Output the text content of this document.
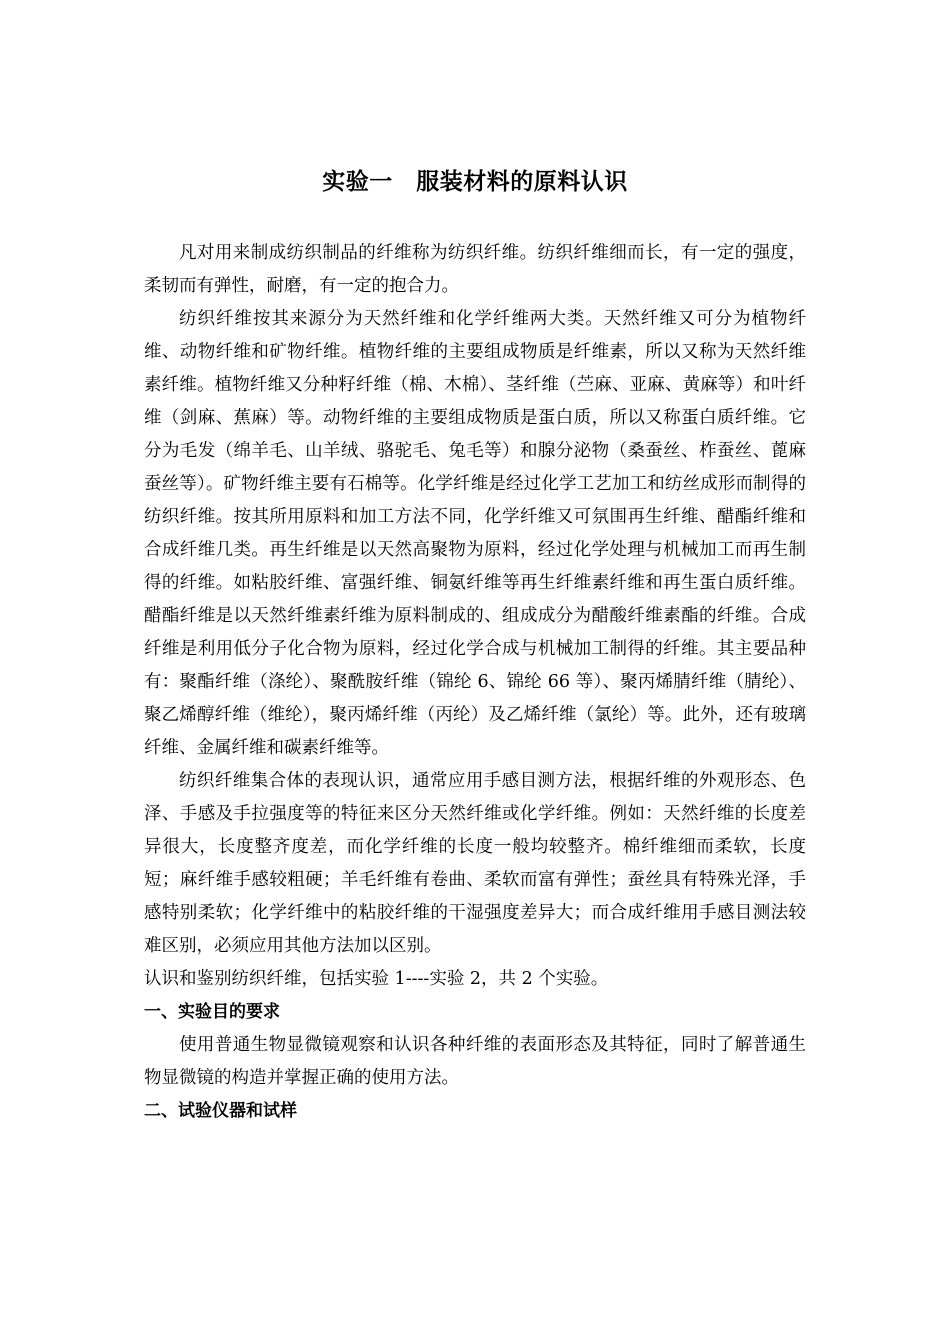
实验一　服装材料的原料认识

凡对用来制成纺织制品的纤维称为纺织纤维。纺织纤维细而长，有一定的强度，柔韧而有弹性，耐磨，有一定的抱合力。

纺织纤维按其来源分为天然纤维和化学纤维两大类。天然纤维又可分为植物纤维、动物纤维和矿物纤维。植物纤维的主要组成物质是纤维素，所以又称为天然纤维素纤维。植物纤维又分种籽纤维（棉、木棉）、茎纤维（苎麻、亚麻、黄麻等）和叶纤维（剑麻、蕉麻）等。动物纤维的主要组成物质是蛋白质，所以又称蛋白质纤维。它分为毛发（绵羊毛、山羊绒、骆驼毛、兔毛等）和腺分泌物（桑蚕丝、柞蚕丝、蓖麻蚕丝等）。矿物纤维主要有石棉等。化学纤维是经过化学工艺加工和纺丝成形而制得的纺织纤维。按其所用原料和加工方法不同，化学纤维又可氛围再生纤维、醋酯纤维和合成纤维几类。再生纤维是以天然高聚物为原料，经过化学处理与机械加工而再生制得的纤维。如粘胶纤维、富强纤维、铜氨纤维等再生纤维素纤维和再生蛋白质纤维。醋酯纤维是以天然纤维素纤维为原料制成的、组成成分为醋酸纤维素酯的纤维。合成纤维是利用低分子化合物为原料，经过化学合成与机械加工制得的纤维。其主要品种有：聚酯纤维（涤纶）、聚酰胺纤维（锦纶 6、锦纶 66 等）、聚丙烯腈纤维（腈纶）、聚乙烯醇纤维（维纶），聚丙烯纤维（丙纶）及乙烯纤维（氯纶）等。此外，还有玻璃纤维、金属纤维和碳素纤维等。

纺织纤维集合体的表现认识，通常应用手感目测方法，根据纤维的外观形态、色泽、手感及手拉强度等的特征来区分天然纤维或化学纤维。例如：天然纤维的长度差异很大，长度整齐度差，而化学纤维的长度一般均较整齐。棉纤维细而柔软，长度短；麻纤维手感较粗硬；羊毛纤维有卷曲、柔软而富有弹性；蚕丝具有特殊光泽，手感特别柔软；化学纤维中的粘胶纤维的干湿强度差异大；而合成纤维用手感目测法较难区别，必须应用其他方法加以区别。

认识和鉴别纺织纤维，包括实验 1----实验 2，共 2 个实验。

一、实验目的要求

使用普通生物显微镜观察和认识各种纤维的表面形态及其特征，同时了解普通生物显微镜的构造并掌握正确的使用方法。

二、试验仪器和试样
